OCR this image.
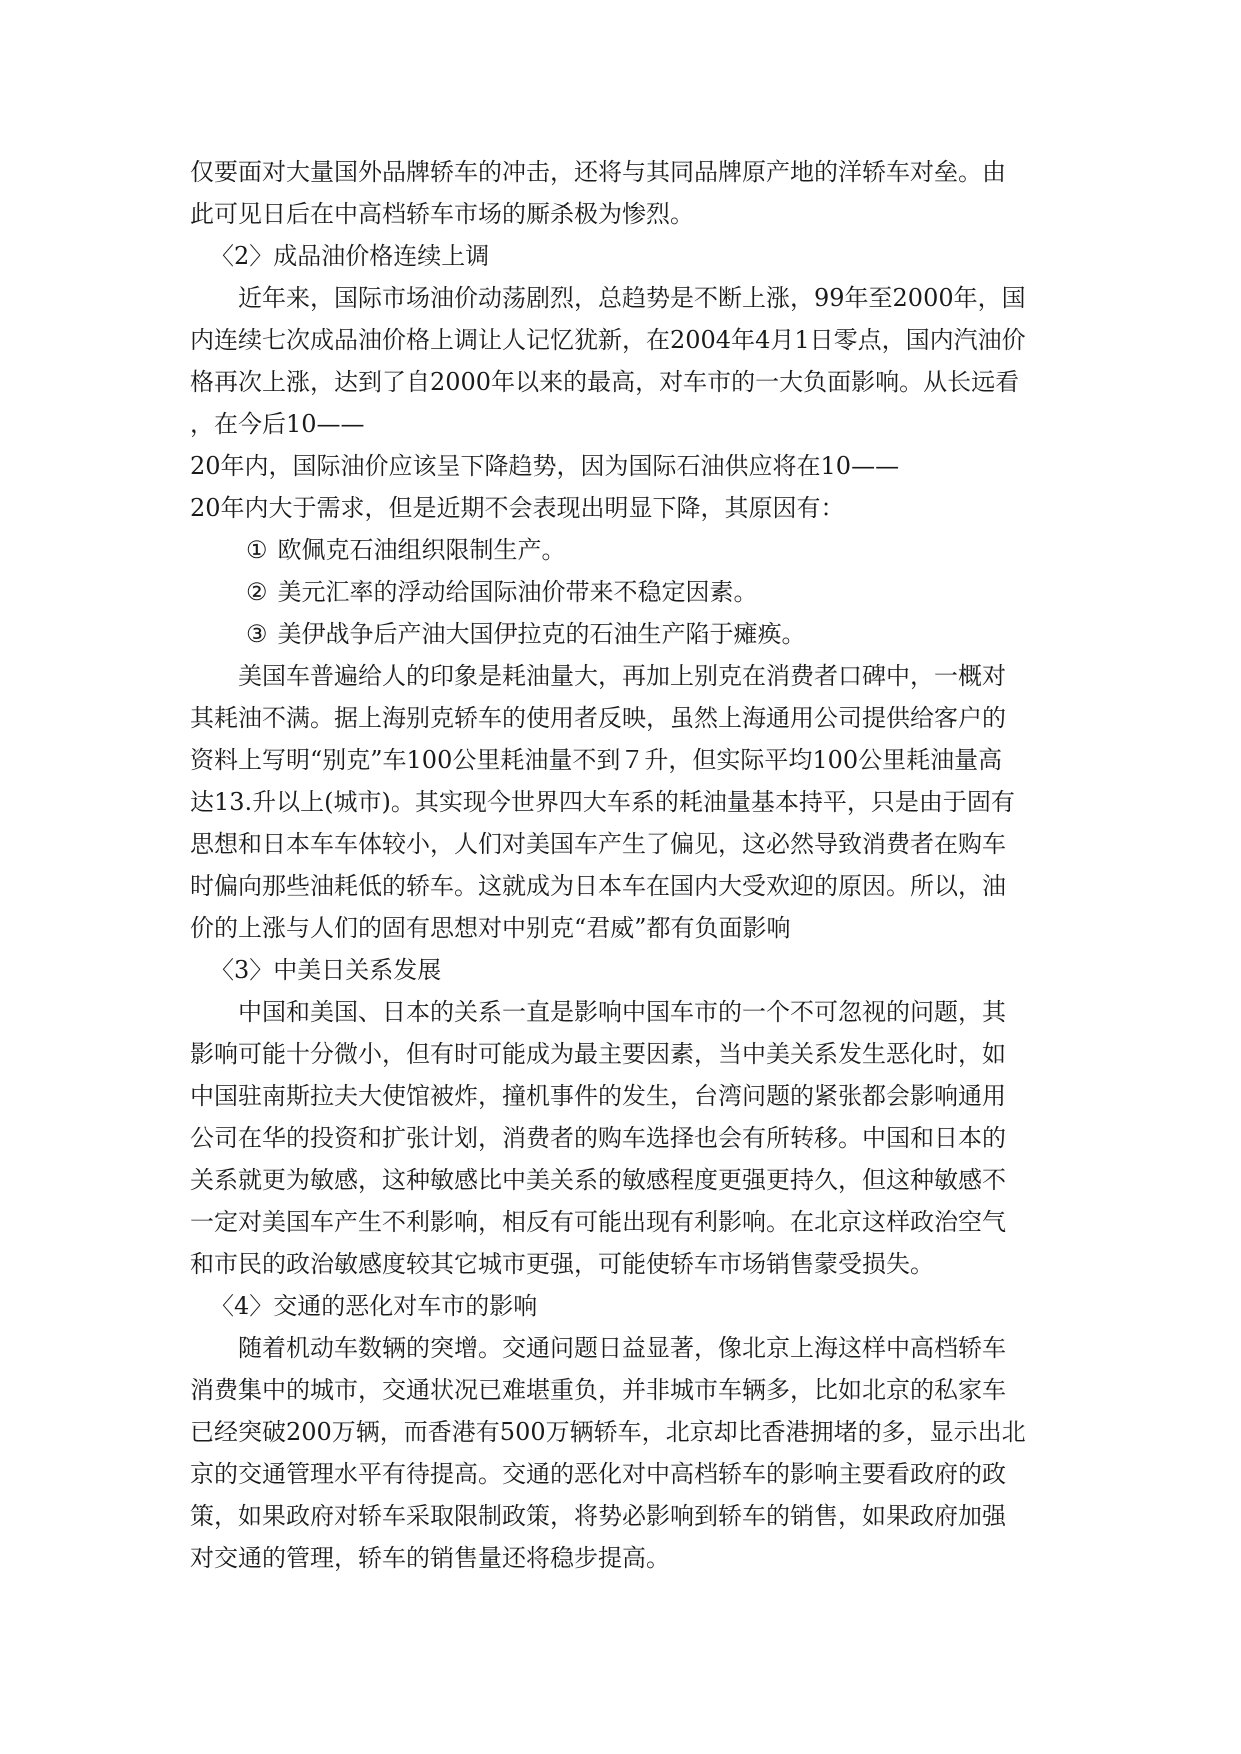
仅要面对大量国外品牌轿车的冲击，还将与其同品牌原产地的洋轿车对垒。由
此可见日后在中高档轿车市场的厮杀极为惨烈。
〈2〉成品油价格连续上调
近年来，国际市场油价动荡剧烈，总趋势是不断上涨，99年至2000年，国
内连续七次成品油价格上调让人记忆犹新，在2004年4月1日零点，国内汽油价
格再次上涨，达到了自2000年以来的最高，对车市的一大负面影响。从长远看
，在今后10——
20年内，国际油价应该呈下降趋势，因为国际石油供应将在10——
20年内大于需求，但是近期不会表现出明显下降，其原因有：
① 欧佩克石油组织限制生产。
② 美元汇率的浮动给国际油价带来不稳定因素。
③ 美伊战争后产油大国伊拉克的石油生产陷于瘫痪。
美国车普遍给人的印象是耗油量大，再加上别克在消费者口碑中，一概对
其耗油不满。据上海别克轿车的使用者反映，虽然上海通用公司提供给客户的
资料上写明“别克”车100公里耗油量不到７升，但实际平均100公里耗油量高
达13.升以上(城市)。其实现今世界四大车系的耗油量基本持平，只是由于固有
思想和日本车车体较小，人们对美国车产生了偏见，这必然导致消费者在购车
时偏向那些油耗低的轿车。这就成为日本车在国内大受欢迎的原因。所以，油
价的上涨与人们的固有思想对中别克“君威”都有负面影响
〈3〉中美日关系发展
中国和美国、日本的关系一直是影响中国车市的一个不可忽视的问题，其
影响可能十分微小，但有时可能成为最主要因素，当中美关系发生恶化时，如
中国驻南斯拉夫大使馆被炸，撞机事件的发生，台湾问题的紧张都会影响通用
公司在华的投资和扩张计划，消费者的购车选择也会有所转移。中国和日本的
关系就更为敏感，这种敏感比中美关系的敏感程度更强更持久，但这种敏感不
一定对美国车产生不利影响，相反有可能出现有利影响。在北京这样政治空气
和市民的政治敏感度较其它城市更强，可能使轿车市场销售蒙受损失。
〈4〉交通的恶化对车市的影响
随着机动车数辆的突增。交通问题日益显著，像北京上海这样中高档轿车
消费集中的城市，交通状况已难堪重负，并非城市车辆多，比如北京的私家车
已经突破200万辆，而香港有500万辆轿车，北京却比香港拥堵的多，显示出北
京的交通管理水平有待提高。交通的恶化对中高档轿车的影响主要看政府的政
策，如果政府对轿车采取限制政策，将势必影响到轿车的销售，如果政府加强
对交通的管理，轿车的销售量还将稳步提高。
